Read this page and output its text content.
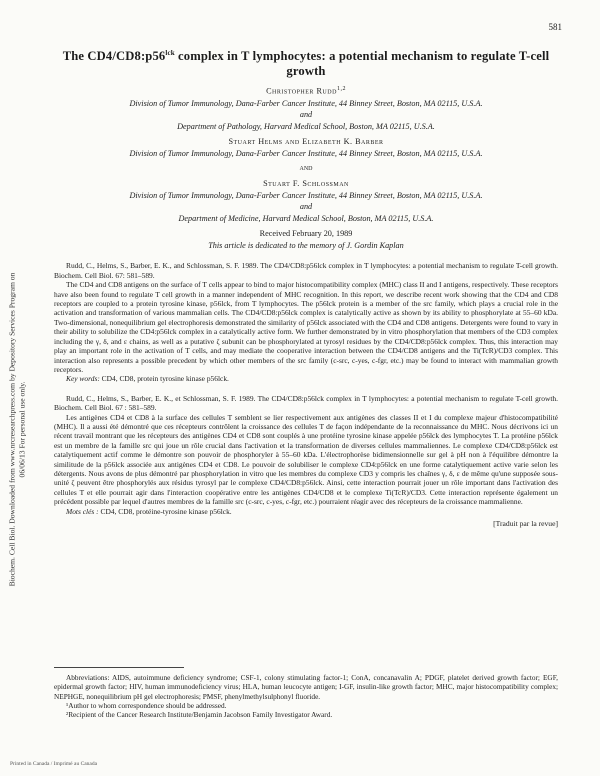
581
Biochem. Cell Biol. Downloaded from www.nrcresearchpress.com by Depository Services Program on 06/06/13 For personal use only.
The $CD4/CD8:p56^{lck}$ complex in T lymphocytes: a potential mechanism to regulate T-cell growth
Christopher Rudd$^{1,2}$
Division of Tumor Immunology, Dana-Farber Cancer Institute, 44 Binney Street, Boston, MA 02115, U.S.A.
and
Department of Pathology, Harvard Medical School, Boston, MA 02115, U.S.A.
Stuart Helms and Elizabeth K. Barber
Division of Tumor Immunology, Dana-Farber Cancer Institute, 44 Binney Street, Boston, MA 02115, U.S.A.
and
Stuart F. Schlossman
Division of Tumor Immunology, Dana-Farber Cancer Institute, 44 Binney Street, Boston, MA 02115, U.S.A.
and
Department of Medicine, Harvard Medical School, Boston, MA 02115, U.S.A.
Received February 20, 1989
This article is dedicated to the memory of J. Gordin Kaplan

Rudd, C., Helms, S., Barber, E. K., and Schlossman, S. F. 1989. The CD4/CD8:p56lck complex in T lymphocytes: a potential mechanism to regulate T-cell growth. Biochem. Cell Biol. 67: 581–589.

The CD4 and CD8 antigens on the surface of T cells appear to bind to major histocompatibility complex (MHC) class II and I antigens, respectively. These receptors have also been found to regulate T cell growth in a manner independent of MHC recognition. In this report, we describe recent work showing that the CD4 and CD8 receptors are coupled to a protein tyrosine kinase, p56lck, from T lymphocytes. The p56lck protein is a member of the src family, which plays a crucial role in the activation and transformation of various mammalian cells. The CD4/CD8:p56lck complex is catalytically active as shown by its ability to phosphorylate at 55–60 kDa. Two-dimensional, nonequilibrium gel electrophoresis demonstrated the similarity of p56lck associated with the CD4 and CD8 antigens. Detergents were found to vary in their ability to solubilize the CD4:p56lck complex in a catalytically active form. We further demonstrated by in vitro phosphorylation that members of the CD3 complex including the γ, δ, and ε chains, as well as a putative ζ subunit can be phosphorylated at tyrosyl residues by the CD4/CD8:p56lck complex. Thus, this interaction may play an important role in the activation of T cells, and may mediate the cooperative interaction between the CD4/CD8 antigens and the Ti(TcR)/CD3 complex. This interaction also represents a possible precedent by which other members of the src family (c-src, c-yes, c-fgr, etc.) may be found to interact with mammalian growth receptors.

Key words: CD4, CD8, protein tyrosine kinase p56lck.

Rudd, C., Helms, S., Barber, E. K., et Schlossman, S. F. 1989. The CD4/CD8:p56lck complex in T lymphocytes: a potential mechanism to regulate T-cell growth. Biochem. Cell Biol. 67 : 581–589.

Les antigènes CD4 et CD8 à la surface des cellules T semblent se lier respectivement aux antigènes des classes II et I du complexe majeur d'histocompatibilité (MHC). Il a aussi été démontré que ces récepteurs contrôlent la croissance des cellules T de façon indépendante de la reconnaissance du MHC. Nous décrivons ici un récent travail montrant que les récepteurs des antigènes CD4 et CD8 sont couplés à une protéine tyrosine kinase appelée p56lck des lymphocytes T. La protéine p56lck est un membre de la famille src qui joue un rôle crucial dans l'activation et la transformation de diverses cellules mammaliennes. Le complexe CD4/CD8:p56lck est catalytiquement actif comme le démontre son pouvoir de phosphoryler à 55–60 kDa. L'électrophorèse bidimensionnelle sur gel à pH non à l'équilibre démontre la similitude de la p56lck associée aux antigènes CD4 et CD8. Le pouvoir de solubiliser le complexe CD4:p56lck en une forme catalytiquement active varie selon les détergents. Nous avons de plus démontré par phosphorylation in vitro que les membres du complexe CD3 y compris les chaînes γ, δ, ε de même qu'une supposée sous-unité ζ peuvent être phosphorylés aux résidus tyrosyl par le complexe CD4/CD8:p56lck. Ainsi, cette interaction pourrait jouer un rôle important dans l'activation des cellules T et elle pourrait agir dans l'interaction coopérative entre les antigènes CD4/CD8 et le complexe Ti(TcR)/CD3. Cette interaction représente également un précédent possible par lequel d'autres membres de la famille src (c-src, c-yes, c-fgr, etc.) pourraient réagir avec des récepteurs de la croissance mammalienne.

Mots clés : CD4, CD8, protéine-tyrosine kinase p56lck.

[Traduit par la revue]

Abbreviations: AIDS, autoimmune deficiency syndrome; CSF-1, colony stimulating factor-1; ConA, concanavalin A; PDGF, platelet derived growth factor; EGF, epidermal growth factor; HIV, human immunodeficiency virus; HLA, human leucocyte antigen; I-GF, insulin-like growth factor; MHC, major histocompatibility complex; NEPHGE, nonequilibrium pH gel electrophoresis; PMSF, phenylmethylsulphonyl fluoride.

¹Author to whom correspondence should be addressed.

²Recipient of the Cancer Research Institute/Benjamin Jacobson Family Investigator Award.

Printed in Canada / Imprimé au Canada
